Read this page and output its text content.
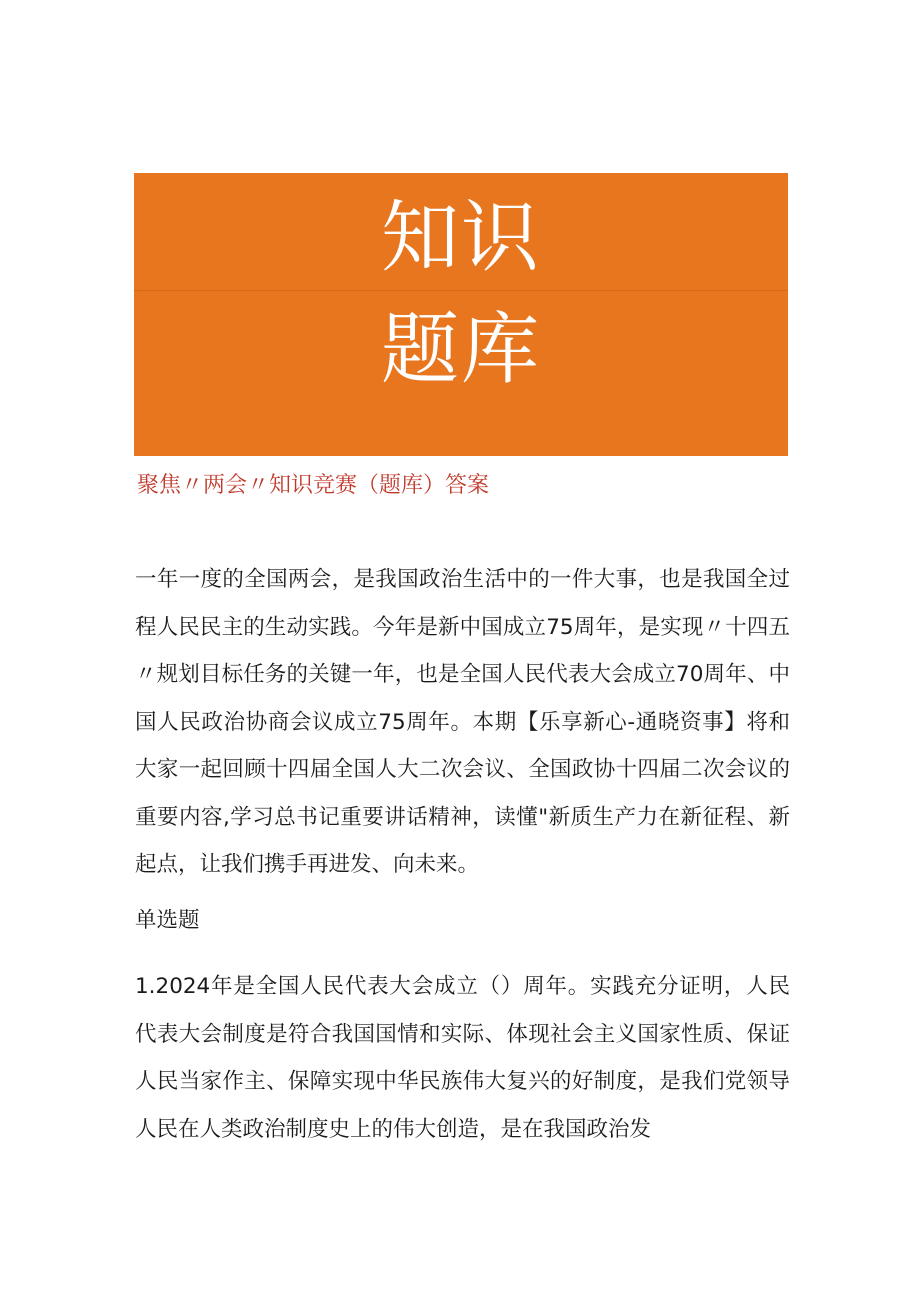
知识
题库
聚焦〃两会〃知识竞赛（题库）答案

一年一度的全国两会，是我国政治生活中的一件大事，也是我国全过程人民民主的生动实践。今年是新中国成立75周年，是实现〃十四五〃规划目标任务的关键一年，也是全国人民代表大会成立70周年、中国人民政治协商会议成立75周年。本期【乐享新心-通晓资事】将和大家一起回顾十四届全国人大二次会议、全国政协十四届二次会议的重要内容,学习总书记重要讲话精神，读懂"新质生产力在新征程、新起点，让我们携手再进发、向未来。

单选题

1.2024年是全国人民代表大会成立（）周年。实践充分证明，人民代表大会制度是符合我国国情和实际、体现社会主义国家性质、保证人民当家作主、保障实现中华民族伟大复兴的好制度，是我们党领导人民在人类政治制度史上的伟大创造，是在我国政治发
